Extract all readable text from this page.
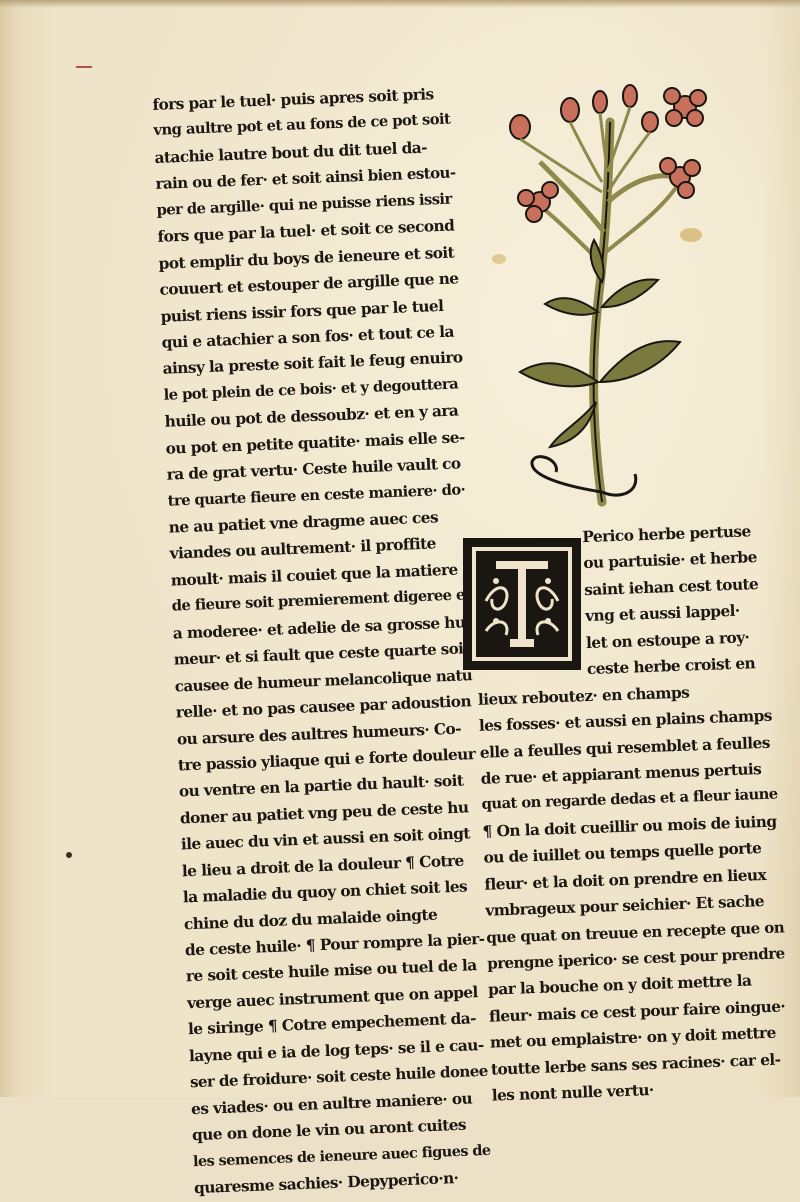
fors par le tuel· puis apres soit pris
vng aultre pot et au fons de ce pot soit
atachie lautre bout du dit tuel da-
rain ou de fer· et soit ainsi bien estou-
per de argille· qui ne puisse riens issir
fors que par la tuel· et soit ce second
pot emplir du boys de ieneure et soit
couuert et estouper de argille que ne
puist riens issir fors que par le tuel
qui e atachier a son fos· et tout ce la
ainsy la preste soit fait le feug enuiro
le pot plein de ce bois· et y degouttera
huile ou pot de dessoubz· et en y ara
ou pot en petite quatite· mais elle se-
ra de grat vertu· Ceste huile vault co
tre quarte fieure en ceste maniere· do·
ne au patiet vne dragme auec ces
viandes ou aultrement· il proffite
moult· mais il couiet que la matiere
de fieure soit premierement digeree et
a moderee· et adelie de sa grosse hu-
meur· et si fault que ceste quarte soit
causee de humeur melancolique natu
relle· et no pas causee par adoustion
ou arsure des aultres humeurs· Co-
tre passio yliaque qui e forte douleur
ou ventre en la partie du hault· soit
doner au patiet vng peu de ceste hu
ile auec du vin et aussi en soit oingt
le lieu a droit de la douleur ¶ Cotre
la maladie du quoy on chiet soit les
chine du doz du malaide oingte
de ceste huile· ¶ Pour rompre la pier-
re soit ceste huile mise ou tuel de la
verge auec instrument que on appel
le siringe ¶ Cotre empechement da-
layne qui e ia de log teps· se il e cau-
ser de froidure· soit ceste huile donee
es viades· ou en aultre maniere· ou
que on done le vin ou aront cuites
les semences de ieneure auec figues de
quaresme sachies· Depyperico·n·
Perico herbe pertuse
ou partuisie· et herbe
saint iehan cest toute
vng et aussi lappel·
let on estoupe a roy·
ceste herbe croist en
lieux reboutez· en champs
les fosses· et aussi en plains champs
elle a feulles qui resemblet a feulles
de rue· et appiarant menus pertuis
quat on regarde dedas et a fleur iaune
¶ On la doit cueillir ou mois de iuing
ou de iuillet ou temps quelle porte
fleur· et la doit on prendre en lieux
vmbrageux pour seichier· Et sache
que quat on treuue en recepte que on
prengne iperico· se cest pour prendre
par la bouche on y doit mettre la
fleur· mais ce cest pour faire oingue·
met ou emplaistre· on y doit mettre
toutte lerbe sans ses racines· car el-
les nont nulle vertu·
